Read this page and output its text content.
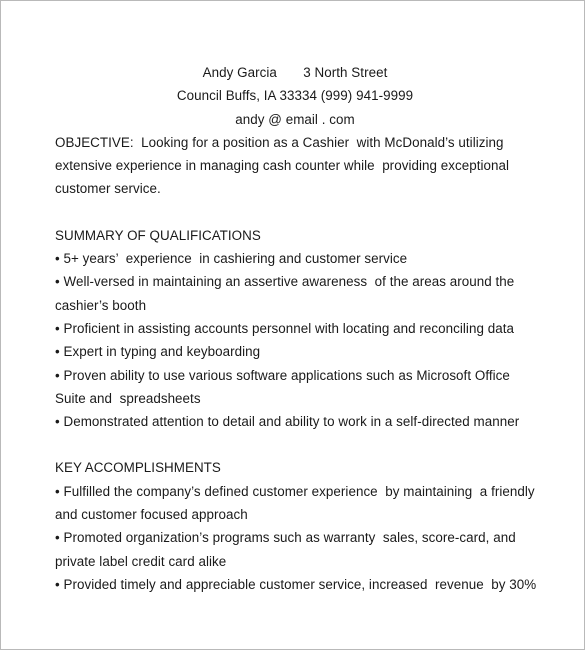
Andy Garcia       3 North Street
Council Buffs, IA 33334 (999) 941-9999
andy @ email . com
OBJECTIVE:  Looking for a position as a Cashier  with McDonald’s utilizing
extensive experience in managing cash counter while  providing exceptional
customer service.
SUMMARY OF QUALIFICATIONS
• 5+ years’  experience  in cashiering and customer service
• Well-versed in maintaining an assertive awareness  of the areas around the
cashier’s booth
• Proficient in assisting accounts personnel with locating and reconciling data
• Expert in typing and keyboarding
• Proven ability to use various software applications such as Microsoft Office
Suite and  spreadsheets
• Demonstrated attention to detail and ability to work in a self-directed manner
KEY ACCOMPLISHMENTS
• Fulfilled the company’s defined customer experience  by maintaining  a friendly
and customer focused approach
• Promoted organization’s programs such as warranty  sales, score-card, and
private label credit card alike
• Provided timely and appreciable customer service, increased  revenue  by 30%
